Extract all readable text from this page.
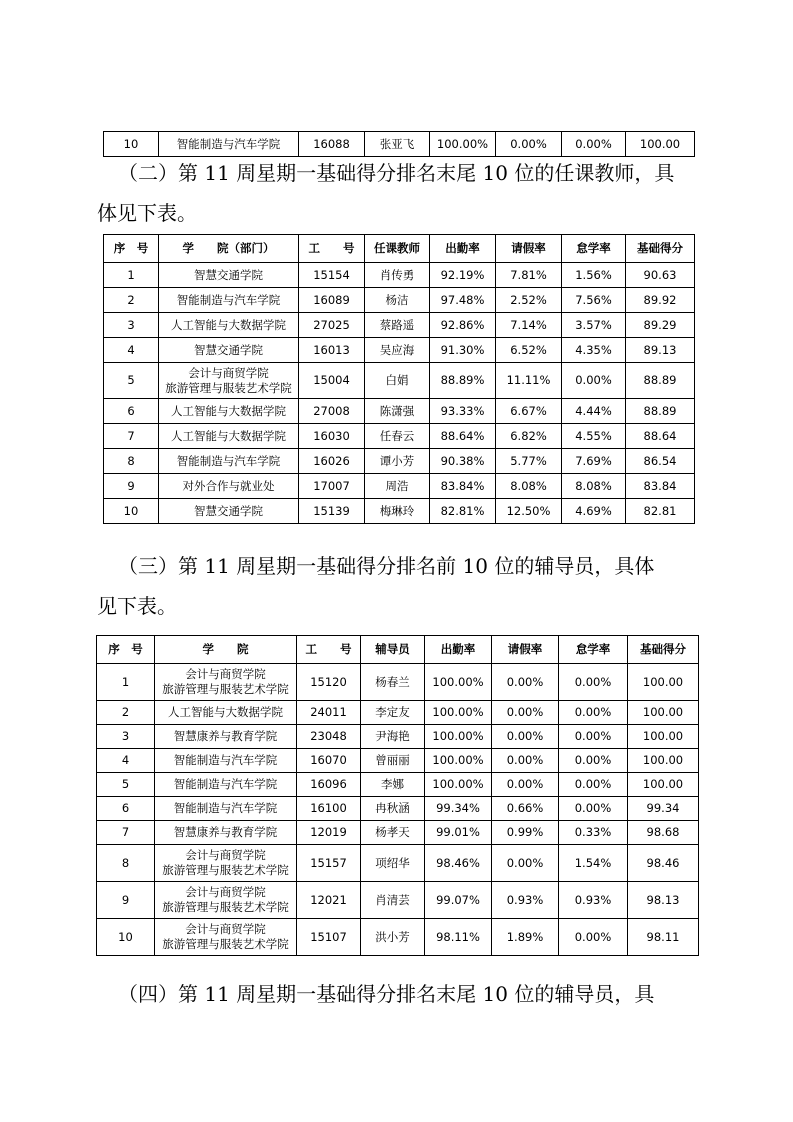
10	智能制造与汽车学院	16088	张亚飞	100.00%	0.00%	0.00%	100.00
（二）第 11 周星期一基础得分排名末尾 10 位的任课教师，具
体见下表。
序　号	学　　院（部门）	工　　号	任课教师	出勤率	请假率	怠学率	基础得分
1	智慧交通学院	15154	肖传勇	92.19%	7.81%	1.56%	90.63
2	智能制造与汽车学院	16089	杨洁	97.48%	2.52%	7.56%	89.92
3	人工智能与大数据学院	27025	蔡路遥	92.86%	7.14%	3.57%	89.29
4	智慧交通学院	16013	吴应海	91.30%	6.52%	4.35%	89.13
5	会计与商贸学院
旅游管理与服装艺术学院	15004	白娟	88.89%	11.11%	0.00%	88.89
6	人工智能与大数据学院	27008	陈潇强	93.33%	6.67%	4.44%	88.89
7	人工智能与大数据学院	16030	任春云	88.64%	6.82%	4.55%	88.64
8	智能制造与汽车学院	16026	谭小芳	90.38%	5.77%	7.69%	86.54
9	对外合作与就业处	17007	周浩	83.84%	8.08%	8.08%	83.84
10	智慧交通学院	15139	梅琳玲	82.81%	12.50%	4.69%	82.81
（三）第 11 周星期一基础得分排名前 10 位的辅导员，具体
见下表。
序　号	学　　院	工　　号	辅导员	出勤率	请假率	怠学率	基础得分
1	会计与商贸学院
旅游管理与服装艺术学院	15120	杨春兰	100.00%	0.00%	0.00%	100.00
2	人工智能与大数据学院	24011	李定友	100.00%	0.00%	0.00%	100.00
3	智慧康养与教育学院	23048	尹海艳	100.00%	0.00%	0.00%	100.00
4	智能制造与汽车学院	16070	曾丽丽	100.00%	0.00%	0.00%	100.00
5	智能制造与汽车学院	16096	李娜	100.00%	0.00%	0.00%	100.00
6	智能制造与汽车学院	16100	冉秋涵	99.34%	0.66%	0.00%	99.34
7	智慧康养与教育学院	12019	杨孝天	99.01%	0.99%	0.33%	98.68
8	会计与商贸学院
旅游管理与服装艺术学院	15157	项绍华	98.46%	0.00%	1.54%	98.46
9	会计与商贸学院
旅游管理与服装艺术学院	12021	肖清芸	99.07%	0.93%	0.93%	98.13
10	会计与商贸学院
旅游管理与服装艺术学院	15107	洪小芳	98.11%	1.89%	0.00%	98.11
（四）第 11 周星期一基础得分排名末尾 10 位的辅导员，具
